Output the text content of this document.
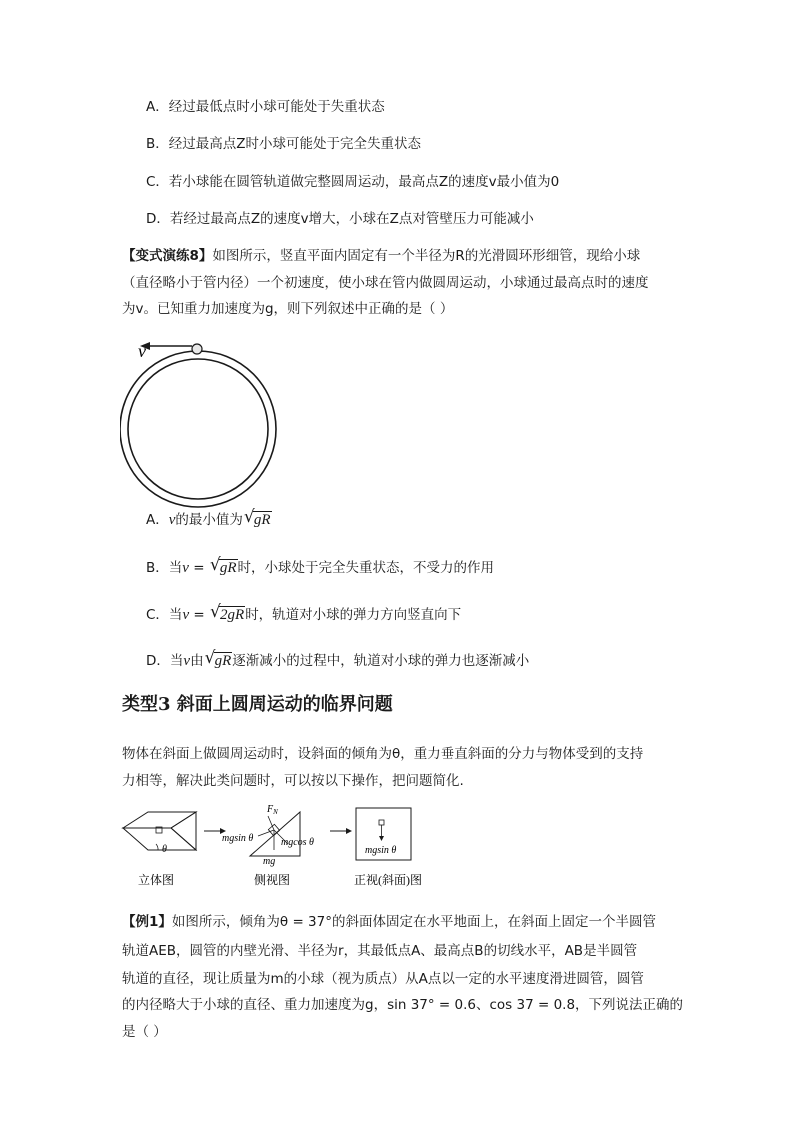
A．经过最低点时小球可能处于失重状态
B．经过最高点Z时小球可能处于完全失重状态
C．若小球能在圆管轨道做完整圆周运动，最高点Z的速度v最小值为0
D．若经过最高点Z的速度v增大，小球在Z点对管壁压力可能减小
【变式演练8】如图所示，竖直平面内固定有一个半径为R的光滑圆环形细管，现给小球
（直径略小于管内径）一个初速度，使小球在管内做圆周运动，小球通过最高点时的速度
为v。已知重力加速度为g，则下列叙述中正确的是（ ）
v
A．v的最小值为 √ gR
B．当v = √ gR时，小球处于完全失重状态，不受力的作用
C．当v = √ 2gR时，轨道对小球的弹力方向竖直向下
D．当v由 √ gR逐渐减小的过程中，轨道对小球的弹力也逐渐减小
类型3 斜面上圆周运动的临界问题
物体在斜面上做圆周运动时，设斜面的倾角为θ，重力垂直斜面的分力与物体受到的支持
力相等，解决此类问题时，可以按以下操作，把问题简化.
θ
$F_N$
mgsin θ	mgcos θ
mg
mgsin θ
立体图	侧视图	正视(斜面)图
【例1】如图所示，倾角为θ = 37°的斜面体固定在水平地面上，在斜面上固定一个半圆管
轨道AEB，圆管的内壁光滑、半径为r，其最低点A、最高点B的切线水平，AB是半圆管
轨道的直径，现让质量为m的小球（视为质点）从A点以一定的水平速度滑进圆管，圆管
的内径略大于小球的直径、重力加速度为g，sin 37° = 0.6、cos 37 = 0.8，下列说法正确的
是（ ）
